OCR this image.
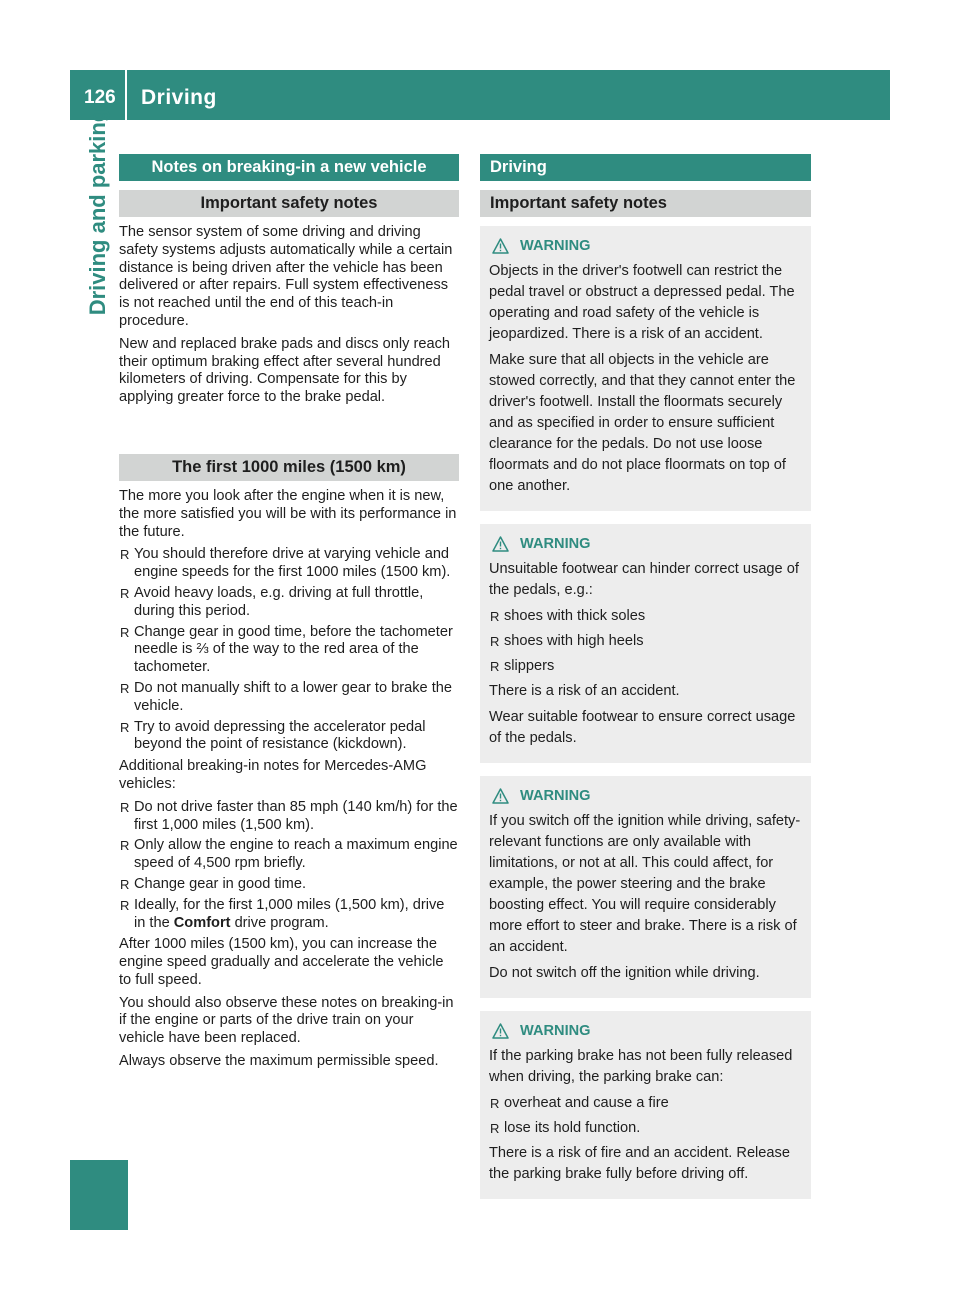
126 Driving
Driving and parking	Notes on breaking-in a new vehicle
Important safety notes

The sensor system of some driving and driving safety systems adjusts automatically while a certain distance is being driven after the vehicle has been delivered or after repairs. Full system effectiveness is not reached until the end of this teach-in procedure.

New and replaced brake pads and discs only reach their optimum braking effect after several hundred kilometers of driving. Compensate for this by applying greater force to the brake pedal.

The first 1000 miles (1500 km)

The more you look after the engine when it is new, the more satisfied you will be with its performance in the future.

R You should therefore drive at varying vehicle and engine speeds for the first 1000 miles (1500 km).
R Avoid heavy loads, e.g. driving at full throttle, during this period.
R Change gear in good time, before the tachometer needle is ⅔ of the way to the red area of the tachometer.
R Do not manually shift to a lower gear to brake the vehicle.
R Try to avoid depressing the accelerator pedal beyond the point of resistance (kickdown).

Additional breaking-in notes for Mercedes-AMG vehicles:

R Do not drive faster than 85 mph (140 km/h) for the first 1,000 miles (1,500 km).
R Only allow the engine to reach a maximum engine speed of 4,500 rpm briefly.
R Change gear in good time.
R Ideally, for the first 1,000 miles (1,500 km), drive in the Comfort drive program.

After 1000 miles (1500 km), you can increase the engine speed gradually and accelerate the vehicle to full speed.

You should also observe these notes on breaking-in if the engine or parts of the drive train on your vehicle have been replaced.

Always observe the maximum permissible speed.

Driving
Important safety notes
WARNING

Objects in the driver's footwell can restrict the pedal travel or obstruct a depressed pedal. The operating and road safety of the vehicle is jeopardized. There is a risk of an accident.

Make sure that all objects in the vehicle are stowed correctly, and that they cannot enter the driver's footwell. Install the floormats securely and as specified in order to ensure sufficient clearance for the pedals. Do not use loose floormats and do not place floormats on top of one another.

WARNING

Unsuitable footwear can hinder correct usage of the pedals, e.g.:

R shoes with thick soles
R shoes with high heels
R slippers

There is a risk of an accident.

Wear suitable footwear to ensure correct usage of the pedals.

WARNING

If you switch off the ignition while driving, safety-relevant functions are only available with limitations, or not at all. This could affect, for example, the power steering and the brake boosting effect. You will require considerably more effort to steer and brake. There is a risk of an accident.

Do not switch off the ignition while driving.

WARNING

If the parking brake has not been fully released when driving, the parking brake can:

R overheat and cause a fire
R lose its hold function.

There is a risk of fire and an accident. Release the parking brake fully before driving off.
